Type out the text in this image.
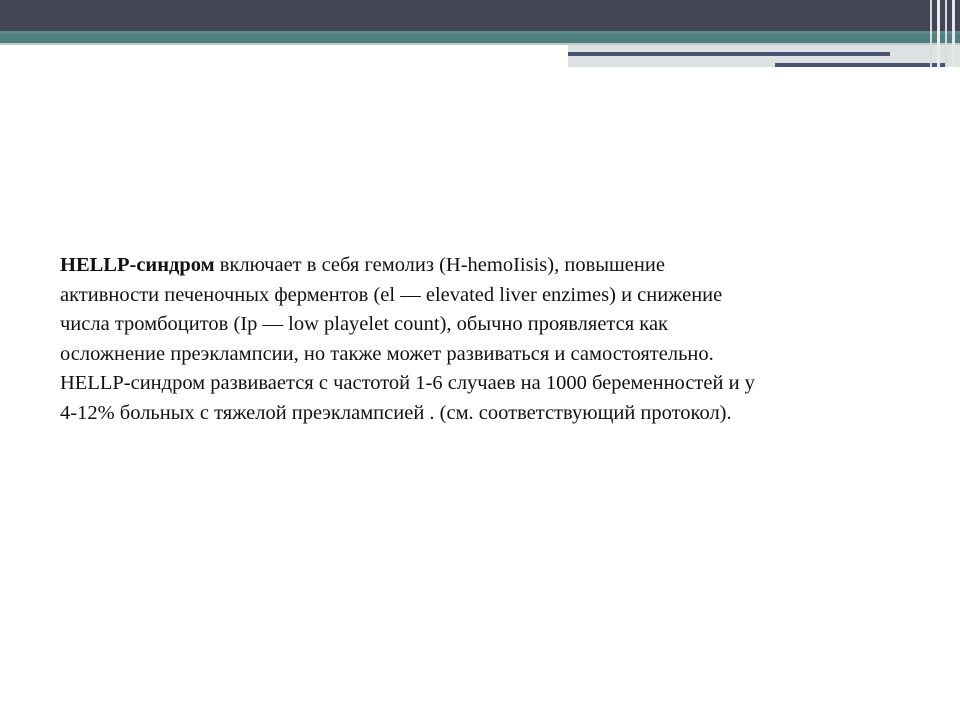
HELLP-синдром включает в себя гемолиз (H-hemoIisis), повышение
активности печеночных ферментов (el — elevated liver enzimes) и снижение
числа тромбоцитов (Ip — low playelet count), обычно проявляется как
осложнение преэклампсии, но также может развиваться и самостоятельно.
HELLP-синдром развивается с частотой 1-6 случаев на 1000 беременностей и у
4-12% больных с тяжелой преэклампсией . (см. соответствующий протокол).
